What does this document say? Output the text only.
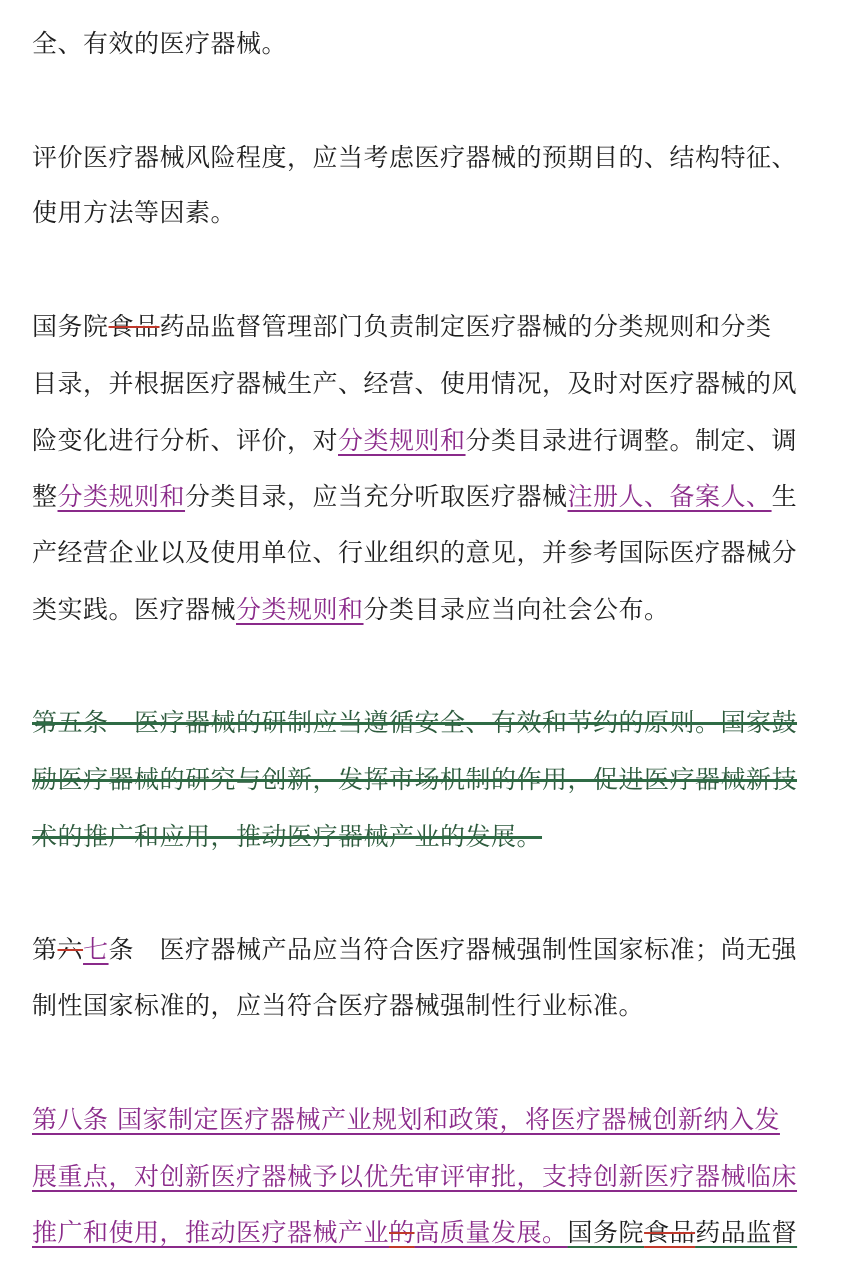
全、有效的医疗器械。
评价医疗器械风险程度，应当考虑医疗器械的预期目的、结构特征、
使用方法等因素。
国务院食品药品监督管理部门负责制定医疗器械的分类规则和分类
目录，并根据医疗器械生产、经营、使用情况，及时对医疗器械的风
险变化进行分析、评价，对分类规则和分类目录进行调整。制定、调
整分类规则和分类目录，应当充分听取医疗器械注册人、备案人、生
产经营企业以及使用单位、行业组织的意见，并参考国际医疗器械分
类实践。医疗器械分类规则和分类目录应当向社会公布。
第五条　医疗器械的研制应当遵循安全、有效和节约的原则。国家鼓
励医疗器械的研究与创新，发挥市场机制的作用，促进医疗器械新技
术的推广和应用，推动医疗器械产业的发展。
第六七条　医疗器械产品应当符合医疗器械强制性国家标准；尚无强
制性国家标准的，应当符合医疗器械强制性行业标准。
第八条 国家制定医疗器械产业规划和政策，将医疗器械创新纳入发
展重点，对创新医疗器械予以优先审评审批，支持创新医疗器械临床
推广和使用，推动医疗器械产业的高质量发展。国务院食品药品监督
